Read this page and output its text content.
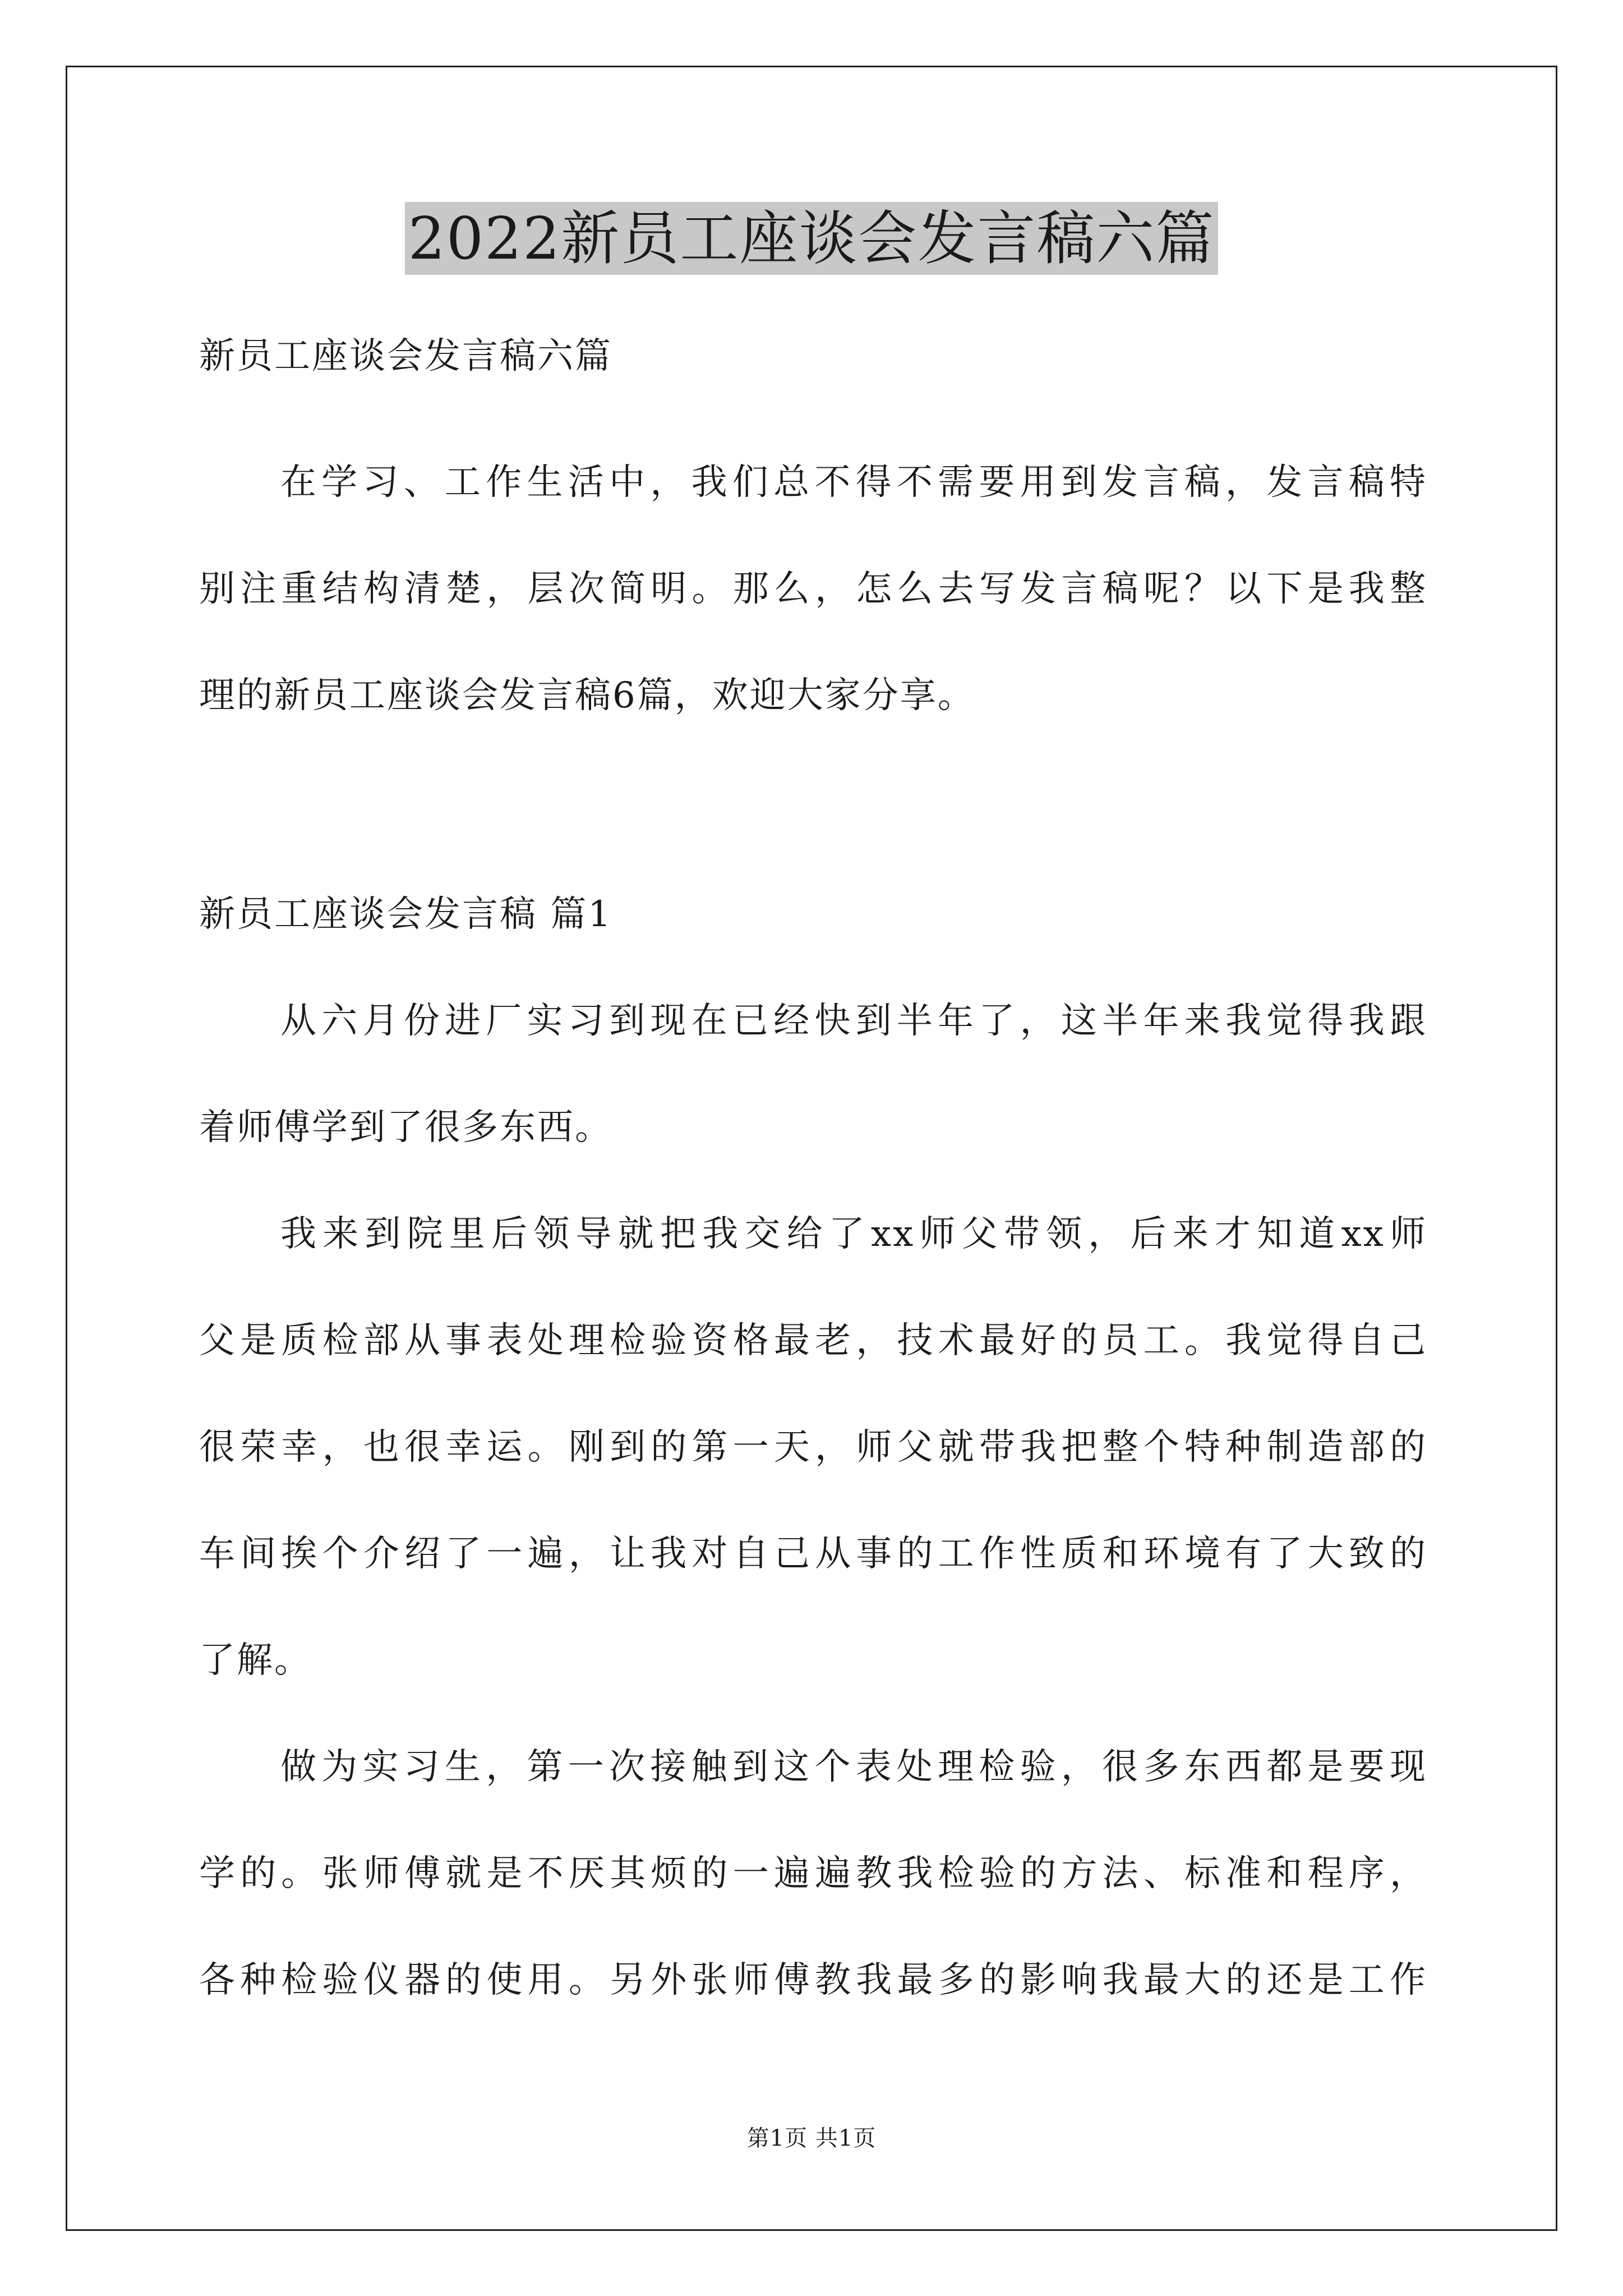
2022新员工座谈会发言稿六篇
新员工座谈会发言稿六篇
在学习、工作生活中，我们总不得不需要用到发言稿，发言稿特
别注重结构清楚，层次简明。那么，怎么去写发言稿呢？以下是我整
理的新员工座谈会发言稿6篇，欢迎大家分享。
新员工座谈会发言稿 篇1
从六月份进厂实习到现在已经快到半年了，这半年来我觉得我跟
着师傅学到了很多东西。
我来到院里后领导就把我交给了xx师父带领，后来才知道xx师
父是质检部从事表处理检验资格最老，技术最好的员工。我觉得自己
很荣幸，也很幸运。刚到的第一天，师父就带我把整个特种制造部的
车间挨个介绍了一遍，让我对自己从事的工作性质和环境有了大致的
了解。
做为实习生，第一次接触到这个表处理检验，很多东西都是要现
学的。张师傅就是不厌其烦的一遍遍教我检验的方法、标准和程序，
各种检验仪器的使用。另外张师傅教我最多的影响我最大的还是工作
第1页 共1页
